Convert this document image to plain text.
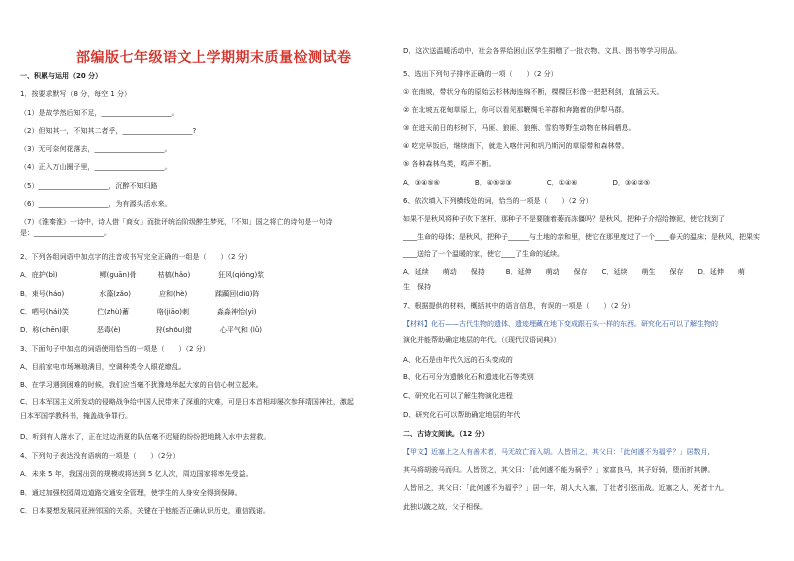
部编版七年级语文上学期期末质量检测试卷
一、积累与运用（20 分）
1．按要求默写（8 分，每空 1 分）
（1）是故学然后知不足，____________________。
（2）但知其一，不知其二者乎，____________________?
（3）无可奈何花落去，____________________。
（4）正入万山圈子里，____________________。
（5）____________________，沉醉不知归路
（6）____________________，为有源头活水来。
（7）《淮秦淮》一诗中，诗人借「商女」而批评统治阶级醉生梦死，「不知」国之将亡的诗句是一句诗
是：____________________。
2、下列各组词语中加点字的注音或书写完全正确的一组是（　　）（2 分）
A．庇护(bì)　　　　　　鳏(guān)骨　　　枯槁(hǎo)　　　　狂风(qióng)浆
B．束号(háo)　　　　　水藻(zǎo)　　　　应和(hè)　　　　蹂躏回(diū)阵
C．哂号(hái)笑　　　　伫(zhù)蓄　　　　咯(jiāo)刺　　　　淼淼神怡(yì)
D．称(chēn)职　　　　恶毒(è)　　　　　狩(shōu)猎　　　　心平气和 (lǜ)
3、下面句子中加点的词语使用恰当的一项是（　　）（2 分）
A、目前家电市场琳琅满目，空调种类令人眼花缭乱。
B、在学习遇到困难的时候，我们应当毫不犹豫地举起大家的自信心树立起来。
C、日本军国主义所发动的侵略战争给中国人民带来了深重的灾难，可是日本首相却屡次参拜靖国神社，激起
日本军国学教科书，掩盖战争罪行。
D、听到有人落水了，正在过边消夏的队伍毫不迟疑的纷纷把地跳入水中去营救。
4、下列句子表达没有语病的一项是（　　）（2分）
A．未来 5 年，我国出资的规模或将达到 5 亿人次，周边国家将率先受益。
B．通过加强校园周边道路交通安全管理，使学生的人身安全得到保障。
C．日本要想发展同亚洲邻国的关系，关键在于他能否正确认识历史，重信践诺。
D．这次送温暖活动中，社会各界给困山区学生捐赠了一批衣物、文具、图书等学习用品。
5、选出下列句子排序正确的一项（　　）（2 分）
① 在南坡，带状分布的原始云杉林海连绵不断，棵棵巨杉像一把把利剑，直插云天。
② 在北坡五花甸草原上，你可以看见那鞭绸毛羊群和奔跑着的伊犁马群。
③ 在进天前日的杉树下，马匪、狼匪、狼熊、雪豹等野生动物在林间栖息。
④ 吃完早饭后，继续南下，就走入喀什河和巩乃斯河的草原带和森林带。
⑤ 各种森林鸟类，鸣声不断。
A．③④⑤⑥　　　　　B．④⑤②③　　　　　C．①④⑥　　　　　D．③④②⑤
6、依次填入下列横线处的词，恰当的一项是（　　）（2 分）
如果不是秋风将种子吹下茎杆，那种子不是要随着萎而冻僵吗？是秋风，把种子介绍给擦泥，使它找到了
____生命的母体；是秋风，把种子______与土地的亲和里，使它在那里度过了一个____春天的温床；是秋风，把果实
____送给了一个温暖的家，使它____了生命的延续。
A．延续　　萌动　　保持　　　B．延伸　　萌动　　保存　　C．延续　　萌生　　保存　　D．延伸　　萌
生　保持
7、根据提供的材料，概括其中的语言信息，有误的一项是（　　）（2 分）
【材料】化石——古代生物的遗体、遗迹埋藏在地下变成跟石头一样的东西。研究化石可以了解生物的
演化并能帮助确定地层的年代。（《现代汉语词典》）
A、化石是由年代久远的石头变成的
B、化石可分为遗骸化石和遗迹化石等类别
C、研究化石可以了解生物演化进程
D、研究化石可以帮助确定地层的年代
二、古诗文阅读。（12 分）
【甲文】近塞上之人有善术者，马无故亡而入胡。人皆吊之，其父曰：「此何遽不为福乎？」居数月,
其马将胡骏马而归。人皆贺之，其父曰：「此何遽不能为祸乎？」家富良马，其子好骑，堕而折其髀。
人皆吊之，其父曰：「此何遽不为福乎？」居一年，胡人大入塞，丁壮者引弦而战。近塞之人，死者十九。
此独以跛之故，父子相保。
